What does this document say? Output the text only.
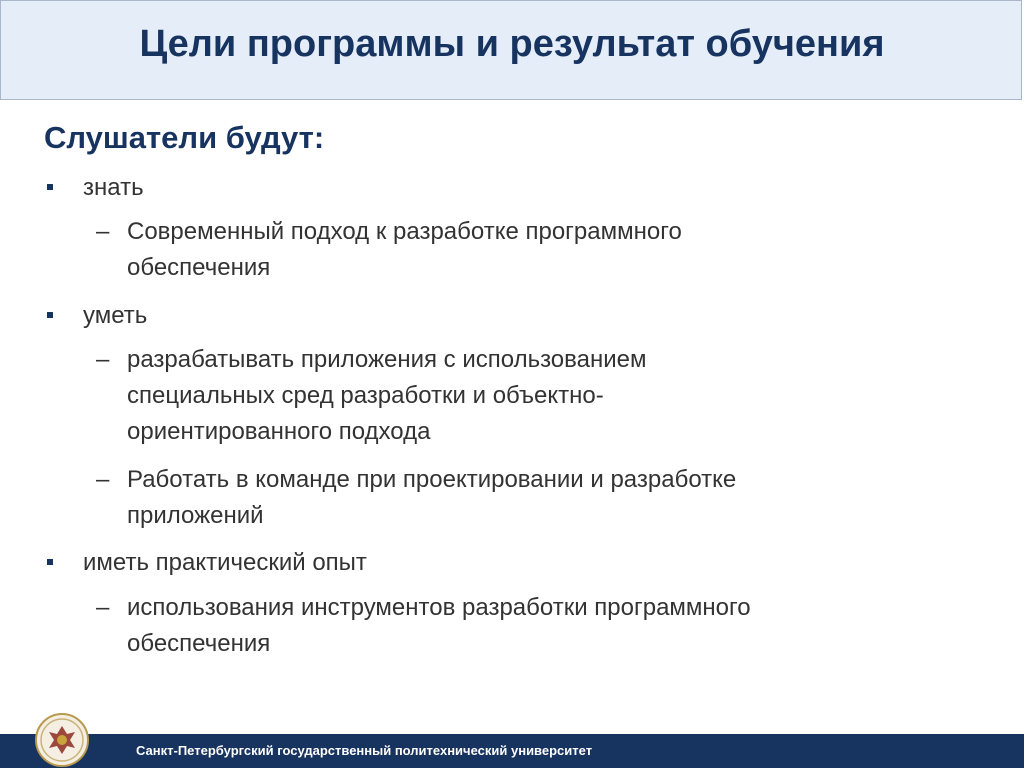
Цели программы и результат обучения
Слушатели будут:
знать
– Современный подход к разработке программного
обеспечения
уметь
– разрабатывать приложения с использованием
специальных сред разработки и объектно-
ориентированного подхода
– Работать в команде при проектировании и разработке
приложений
иметь практический опыт
– использования инструментов разработки программного
обеспечения
Санкт-Петербургский государственный политехнический университет
